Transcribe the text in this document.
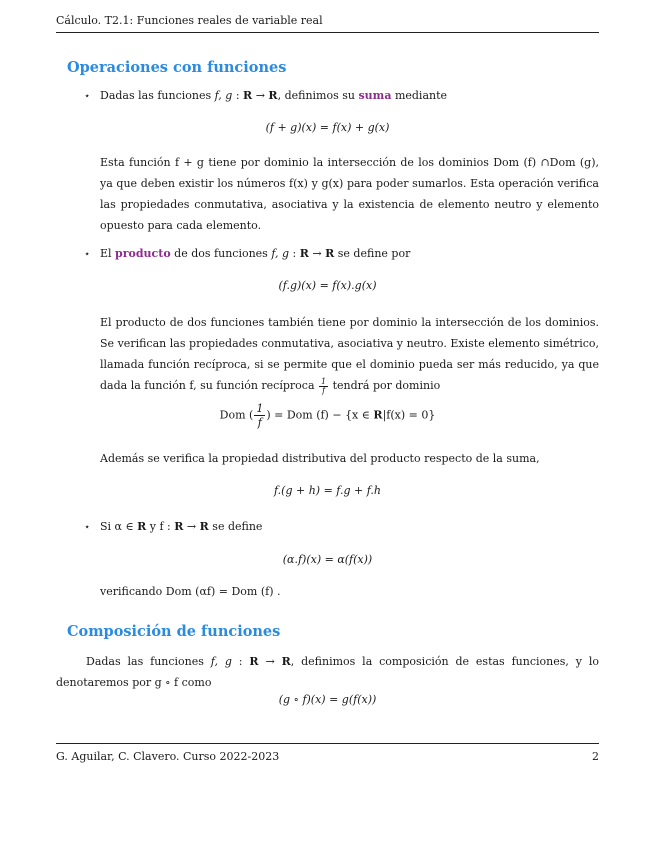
Cálculo. T2.1: Funciones reales de variable real
Operaciones con funciones
⋆ Dadas las funciones f, g : R → R, definimos su suma mediante
(f + g)(x) = f(x) + g(x)
Esta función f + g tiene por dominio la intersección de los dominios Dom (f) ∩Dom (g), ya que deben existir los números f(x) y g(x) para poder sumarlos. Esta operación verifica las propiedades conmutativa, asociativa y la existencia de elemento neutro y elemento opuesto para cada elemento.
⋆ El producto de dos funciones f, g : R → R se define por
(f.g)(x) = f(x).g(x)
El producto de dos funciones también tiene por dominio la intersección de los dominios. Se verifican las propiedades conmutativa, asociativa y neutro. Existe elemento simétrico, llamada función recíproca, si se permite que el dominio pueda ser más reducido, ya que dada la función f, su función recíproca $\frac{1}{f}$ tendrá por dominio
Dom ( $\frac{1}{f}$ ) = Dom (f) − {x ∈ R|f(x) = 0}
Además se verifica la propiedad distributiva del producto respecto de la suma,
f.(g + h) = f.g + f.h
⋆ Si α ∈ R y f : R → R se define
(α.f)(x) = α(f(x))
verificando Dom (αf) = Dom (f) .
Composición de funciones
Dadas las funciones f, g : R → R, definimos la composición de estas funciones, y lo denotaremos por g ∘ f como
(g ∘ f)(x) = g(f(x))
G. Aguilar, C. Clavero. Curso 2022-2023	2
